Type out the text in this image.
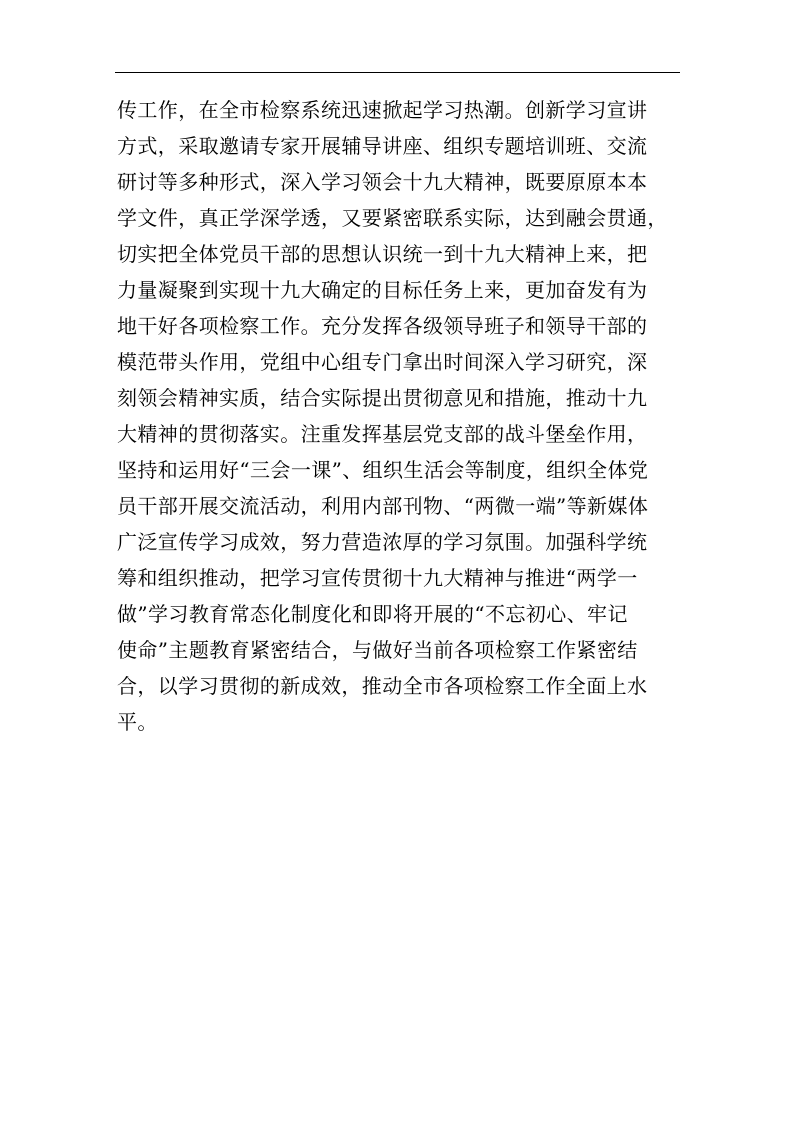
传工作，在全市检察系统迅速掀起学习热潮。创新学习宣讲
方式，采取邀请专家开展辅导讲座、组织专题培训班、交流
研讨等多种形式，深入学习领会十九大精神，既要原原本本
学文件，真正学深学透，又要紧密联系实际，达到融会贯通，
切实把全体党员干部的思想认识统一到十九大精神上来，把
力量凝聚到实现十九大确定的目标任务上来，更加奋发有为
地干好各项检察工作。充分发挥各级领导班子和领导干部的
模范带头作用，党组中心组专门拿出时间深入学习研究，深
刻领会精神实质，结合实际提出贯彻意见和措施，推动十九
大精神的贯彻落实。注重发挥基层党支部的战斗堡垒作用，
坚持和运用好“三会一课”、组织生活会等制度，组织全体党
员干部开展交流活动，利用内部刊物、“两微一端”等新媒体
广泛宣传学习成效，努力营造浓厚的学习氛围。加强科学统
筹和组织推动，把学习宣传贯彻十九大精神与推进“两学一
做”学习教育常态化制度化和即将开展的“不忘初心、牢记
使命”主题教育紧密结合，与做好当前各项检察工作紧密结
合，以学习贯彻的新成效，推动全市各项检察工作全面上水
平。
